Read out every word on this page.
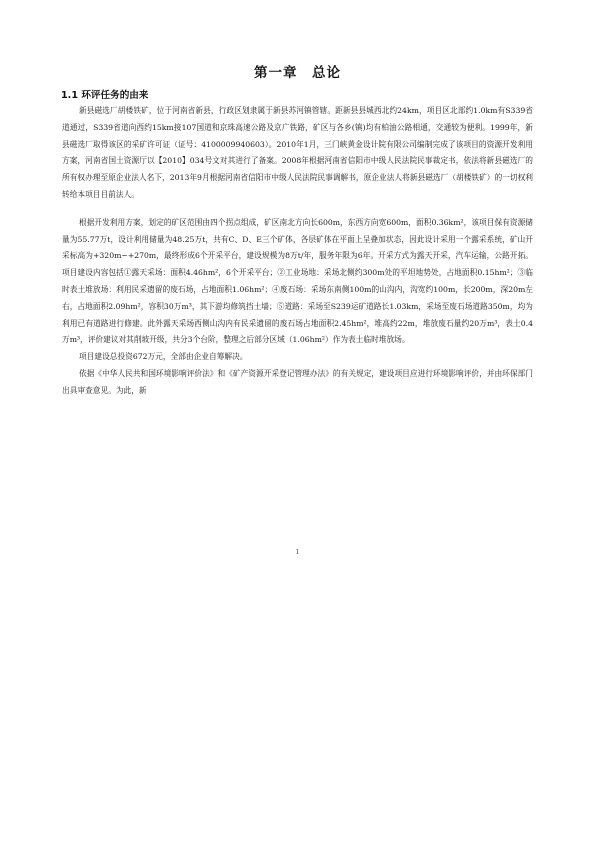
第一章　总论
1.1 环评任务的由来

新县磁选厂胡楼铁矿，位于河南省新县，行政区划隶属于新县苏河镇管辖。距新县县城西北约24km，项目区北部约1.0km有S339省道通过，S339省道向西约15km接107国道和京珠高速公路及京广铁路，矿区与各乡(镇)均有柏油公路相通，交通较为便利。1999年，新县磁选厂取得该区的采矿许可证（证号：4100009940603）。2010年1月，三门峡黄金设计院有限公司编制完成了该项目的资源开发利用方案，河南省国土资源厅以【2010】034号文对其进行了备案。2008年根据河南省信阳市中级人民法院民事裁定书，依法将新县磁选厂的所有权办理至原企业法人名下，2013年9月根据河南省信阳市中级人民法院民事调解书，原企业法人将新县磁选厂（胡楼铁矿）的一切权利转给本项目目前法人。

根据开发利用方案，划定的矿区范围由四个拐点组成，矿区南北方向长600m，东西方向宽600m，面积0.36km²，该项目保有资源储量为55.77万t，设计利用储量为48.25万t，共有C、D、E三个矿体，各层矿体在平面上呈叠加状态，因此设计采用一个露采系统，矿山开采标高为+320m~+270m，最终形成6个开采平台，建设规模为8万t/年，服务年限为6年。开采方式为露天开采，汽车运输，公路开拓。项目建设内容包括①露天采场：面积4.46hm²，6个开采平台；②工业场地：采场北侧约300m处的平坦地势处，占地面积0.15hm²；③临时表土堆放场：利用民采遗留的废石场，占地面积1.06hm²；④废石场：采场东南侧100m的山沟内，沟宽约100m，长200m，深20m左右，占地面积2.09hm²，容积30万m³，其下游均修筑挡土墙；⑤道路：采场至S239运矿道路长1.03km，采场至废石场道路350m，均为利用已有道路进行修建。此外露天采场西侧山沟内有民采遗留的废石场占地面积2.45hm²，堆高约22m，堆放废石量约20万m³，表土0.4万m³，评价建议对其削坡开级，共分3个台阶，整理之后部分区域（1.06hm²）作为表土临时堆放场。

项目建设总投资672万元，全部由企业自筹解决。

依据《中华人民共和国环境影响评价法》和《矿产资源开采登记管理办法》的有关规定，建设项目应进行环境影响评价，并由环保部门出具审查意见。为此，新

1
